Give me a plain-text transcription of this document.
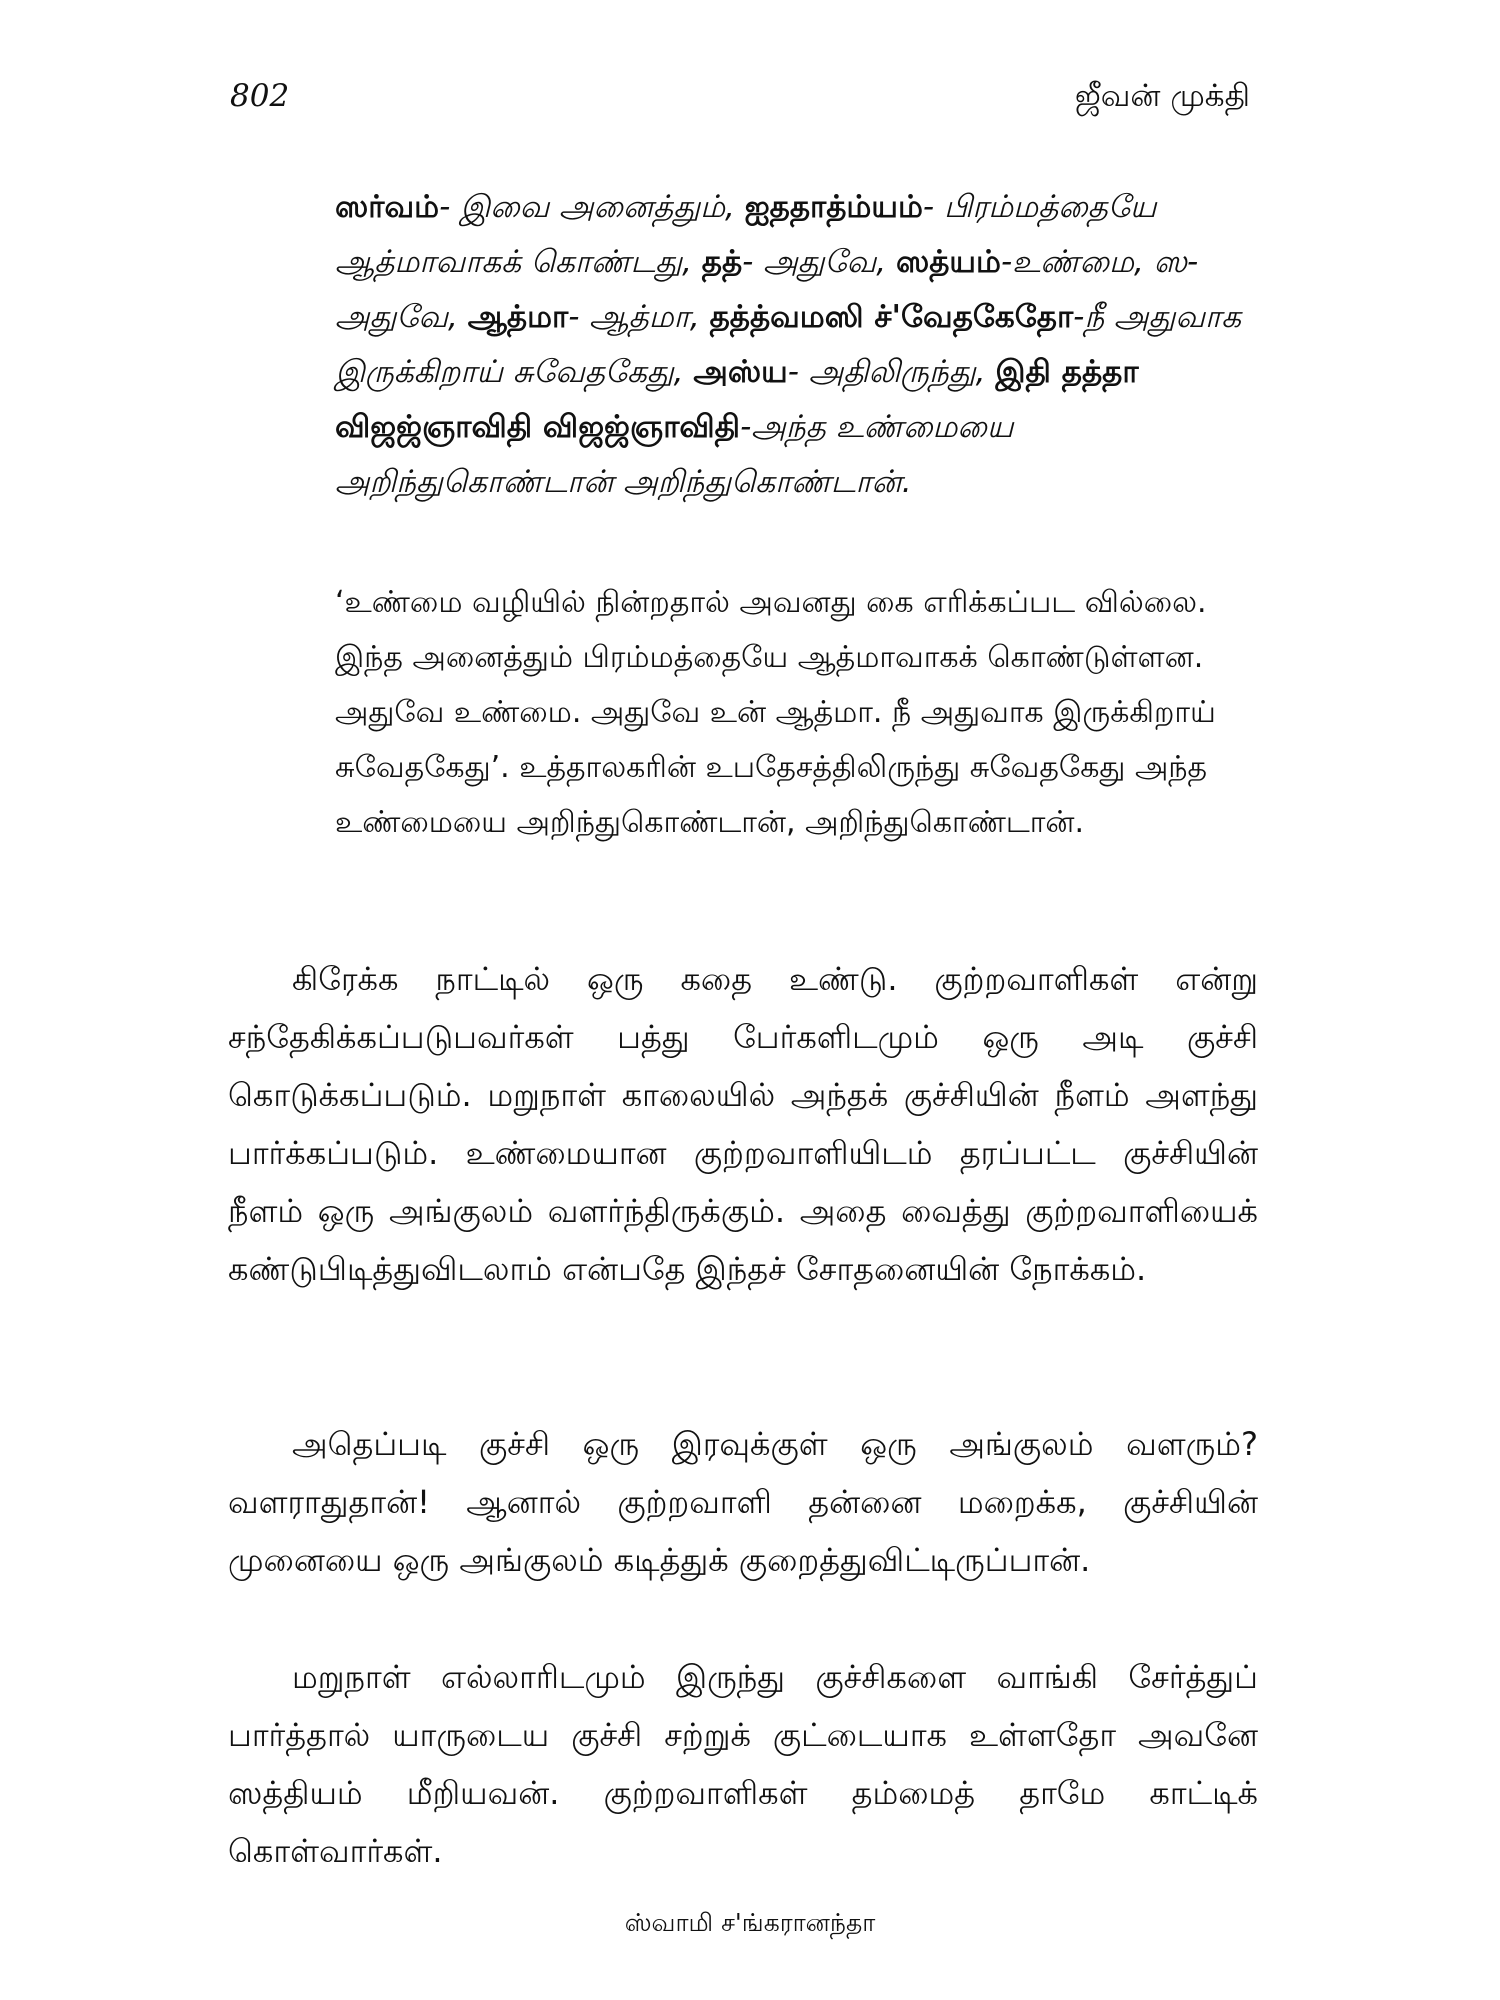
802	ஜீவன் முக்தி
ஸர்வம்- இவை அனைத்தும், ஐததாத்ம்யம்- பிரம்மத்தையே ஆத்மாவாகக் கொண்டது, தத்- அதுவே, ஸத்யம்-உண்மை, ஸ-அதுவே, ஆத்மா- ஆத்மா, தத்த்வமஸி ச்'வேதகேதோ-நீ அதுவாக இருக்கிறாய் சுவேதகேது, அஸ்ய- அதிலிருந்து, இதி தத்தா விஜஜ்ஞாவிதி விஜஜ்ஞாவிதி-அந்த உண்மையை அறிந்துகொண்டான் அறிந்துகொண்டான்.
‘உண்மை வழியில் நின்றதால் அவனது கை எரிக்கப்பட வில்லை. இந்த அனைத்தும் பிரம்மத்தையே ஆத்மாவாகக் கொண்டுள்ளன. அதுவே உண்மை. அதுவே உன் ஆத்மா. நீ அதுவாக இருக்கிறாய் சுவேதகேது’. உத்தாலகரின் உபதேசத்திலிருந்து சுவேதகேது அந்த உண்மையை அறிந்துகொண்டான், அறிந்துகொண்டான்.

கிரேக்க நாட்டில் ஒரு கதை உண்டு. குற்றவாளிகள் என்று சந்தேகிக்கப்படுபவர்கள் பத்து பேர்களிடமும் ஒரு அடி குச்சி கொடுக்கப்படும். மறுநாள் காலையில் அந்தக் குச்சியின் நீளம் அளந்து பார்க்கப்படும். உண்மையான குற்றவாளியிடம் தரப்பட்ட குச்சியின் நீளம் ஒரு அங்குலம் வளர்ந்திருக்கும். அதை வைத்து குற்றவாளியைக் கண்டுபிடித்துவிடலாம் என்பதே இந்தச் சோதனையின் நோக்கம்.

அதெப்படி குச்சி ஒரு இரவுக்குள் ஒரு அங்குலம் வளரும்? வளராதுதான்! ஆனால் குற்றவாளி தன்னை மறைக்க, குச்சியின் முனையை ஒரு அங்குலம் கடித்துக் குறைத்துவிட்டிருப்பான்.

மறுநாள் எல்லாரிடமும் இருந்து குச்சிகளை வாங்கி சேர்த்துப் பார்த்தால் யாருடைய குச்சி சற்றுக் குட்டையாக உள்ளதோ அவனே ஸத்தியம் மீறியவன். குற்றவாளிகள் தம்மைத் தாமே காட்டிக் கொள்வார்கள்.

ஸ்வாமி ச'ங்கரானந்தா
